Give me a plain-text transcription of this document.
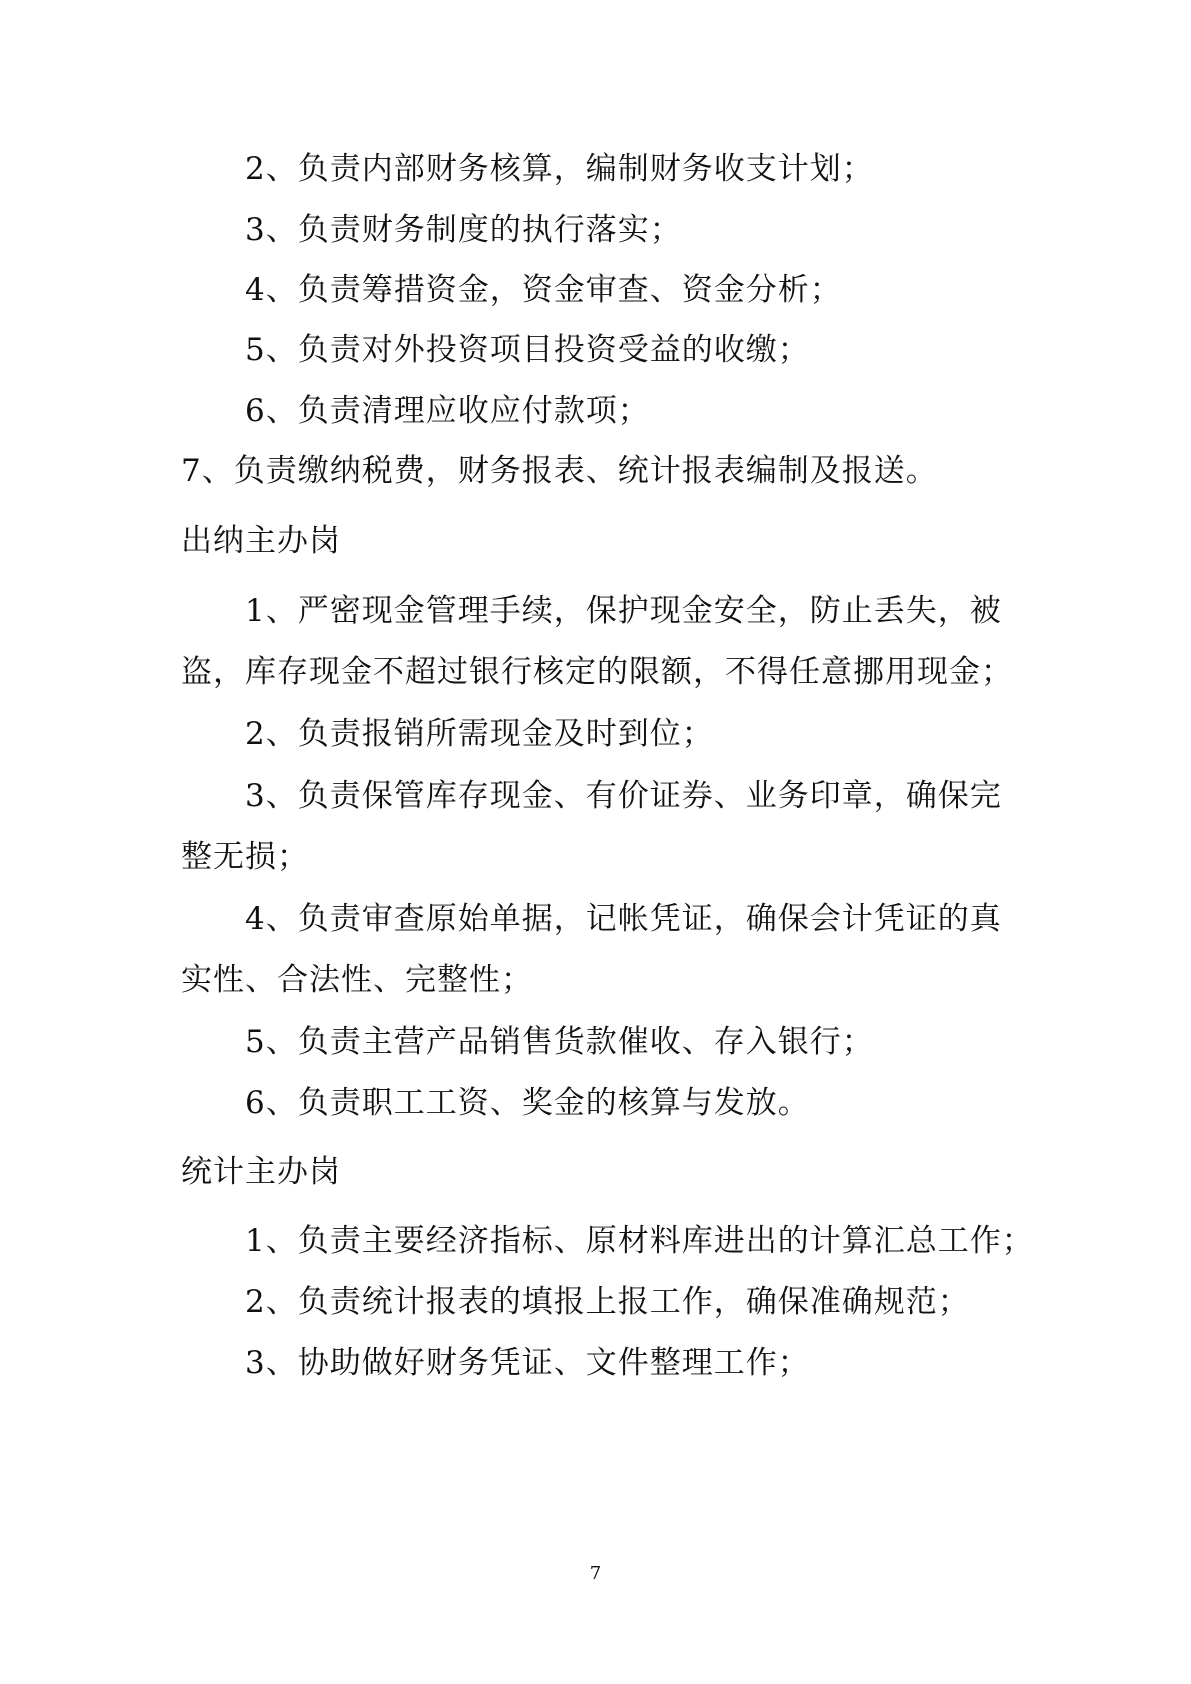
2、负责内部财务核算，编制财务收支计划；
3、负责财务制度的执行落实；
4、负责筹措资金，资金审查、资金分析；
5、负责对外投资项目投资受益的收缴；
6、负责清理应收应付款项；
7、负责缴纳税费，财务报表、统计报表编制及报送。
出纳主办岗
1、严密现金管理手续，保护现金安全，防止丢失，被
盗，库存现金不超过银行核定的限额，不得任意挪用现金；
2、负责报销所需现金及时到位；
3、负责保管库存现金、有价证券、业务印章，确保完
整无损；
4、负责审查原始单据，记帐凭证，确保会计凭证的真
实性、合法性、完整性；
5、负责主营产品销售货款催收、存入银行；
6、负责职工工资、奖金的核算与发放。
统计主办岗
1、负责主要经济指标、原材料库进出的计算汇总工作；
2、负责统计报表的填报上报工作，确保准确规范；
3、协助做好财务凭证、文件整理工作；
7
